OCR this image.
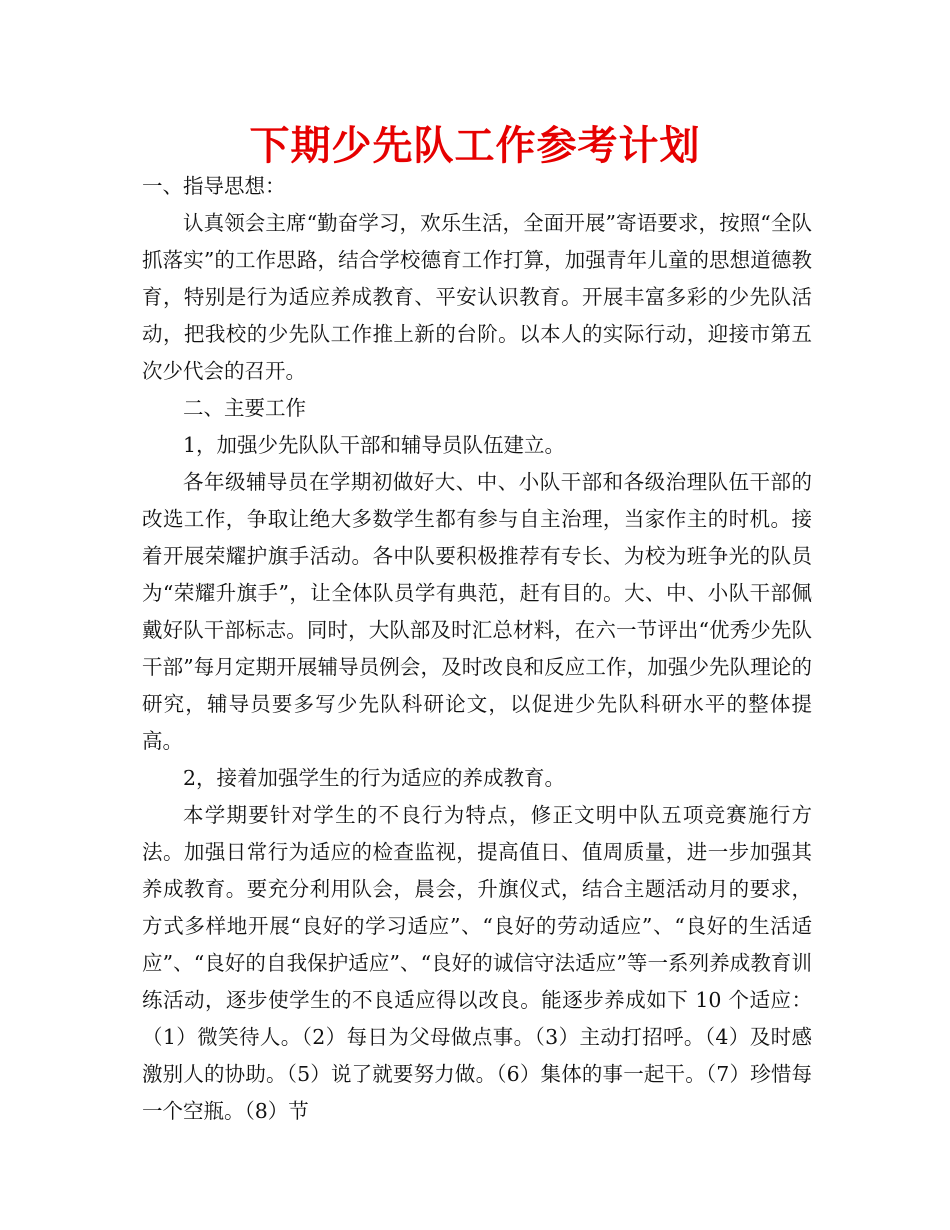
下期少先队工作参考计划

一、指导思想：

认真领会主席“勤奋学习，欢乐生活，全面开展”寄语要求，按照“全队抓落实”的工作思路，结合学校德育工作打算，加强青年儿童的思想道德教育，特别是行为适应养成教育、平安认识教育。开展丰富多彩的少先队活动，把我校的少先队工作推上新的台阶。以本人的实际行动，迎接市第五次少代会的召开。

二、主要工作

1，加强少先队队干部和辅导员队伍建立。

各年级辅导员在学期初做好大、中、小队干部和各级治理队伍干部的改选工作，争取让绝大多数学生都有参与自主治理，当家作主的时机。接着开展荣耀护旗手活动。各中队要积极推荐有专长、为校为班争光的队员为“荣耀升旗手”，让全体队员学有典范，赶有目的。大、中、小队干部佩戴好队干部标志。同时，大队部及时汇总材料，在六一节评出“优秀少先队干部”每月定期开展辅导员例会，及时改良和反应工作，加强少先队理论的研究，辅导员要多写少先队科研论文，以促进少先队科研水平的整体提高。

2，接着加强学生的行为适应的养成教育。

本学期要针对学生的不良行为特点，修正文明中队五项竞赛施行方法。加强日常行为适应的检查监视，提高值日、值周质量，进一步加强其养成教育。要充分利用队会，晨会，升旗仪式，结合主题活动月的要求，方式多样地开展“良好的学习适应”、“良好的劳动适应”、“良好的生活适应”、“良好的自我保护适应”、“良好的诚信守法适应”等一系列养成教育训练活动，逐步使学生的不良适应得以改良。能逐步养成如下 10 个适应：（1）微笑待人。（2）每日为父母做点事。（3）主动打招呼。（4）及时感激别人的协助。（5）说了就要努力做。（6）集体的事一起干。（7）珍惜每一个空瓶。（8）节
